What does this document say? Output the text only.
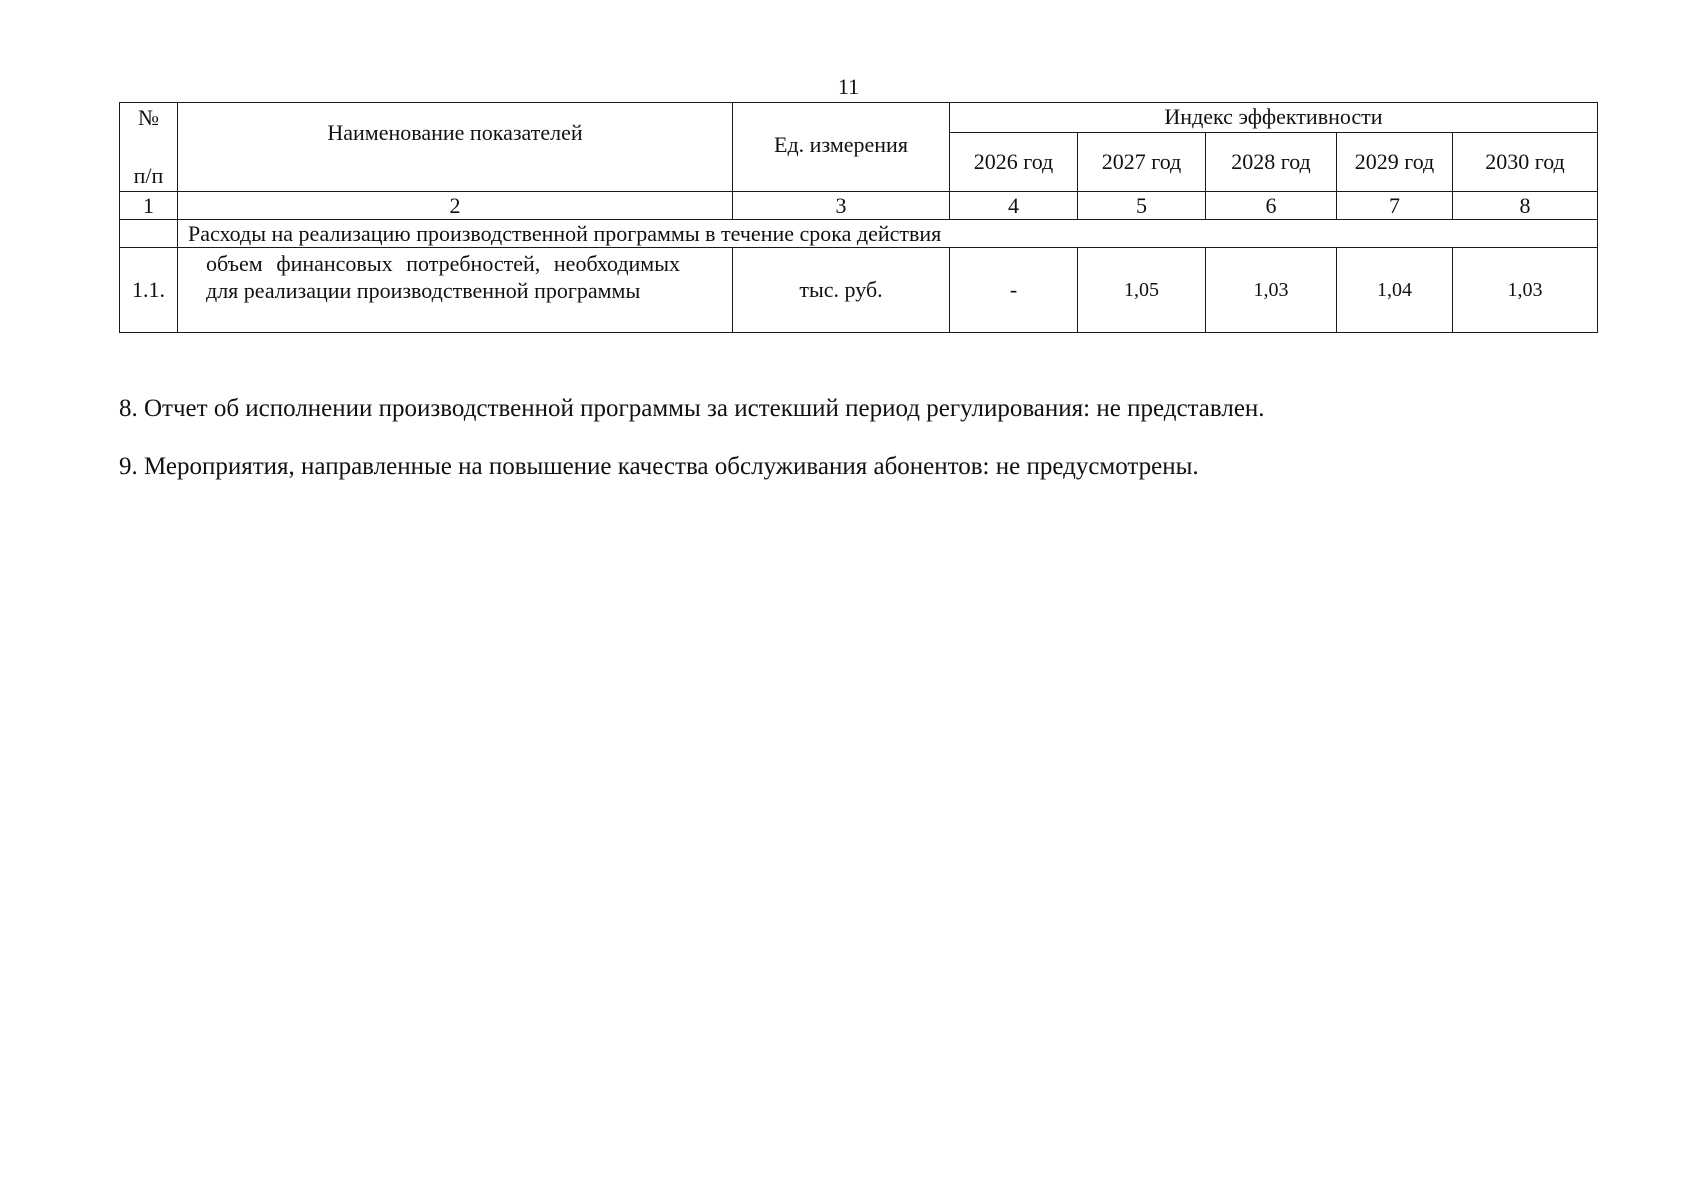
11
№
п/п	Наименование показателей	Ед. измерения	Индекс эффективности				
			2026 год	2027 год	2028 год	2029 год	2030 год
1	2	3	4	5	6	7	8
	Расходы на реализацию производственной программы в течение срока действия						
1.1.	объем финансовых потребностей, необходимых для реализации производственной программы	тыс. руб.	-	1,05	1,03	1,04	1,03
8. Отчет об исполнении производственной программы за истекший период регулирования: не представлен.
9. Мероприятия, направленные на повышение качества обслуживания абонентов: не предусмотрены.
